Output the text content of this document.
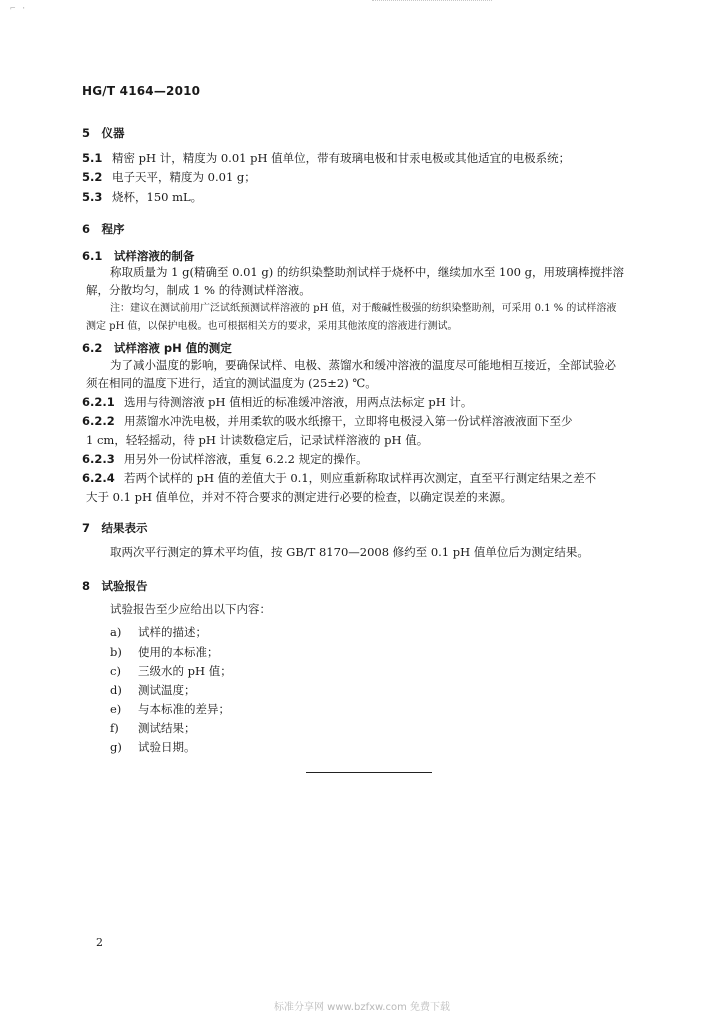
⌐ ·
HG/T 4164—2010
5　仪器
5.1 精密 pH 计，精度为 0.01 pH 值单位，带有玻璃电极和甘汞电极或其他适宜的电极系统；
5.2 电子天平，精度为 0.01 g；
5.3 烧杯，150 mL。
6　程序
6.1　试样溶液的制备
称取质量为 1 g(精确至 0.01 g) 的纺织染整助剂试样于烧杯中，继续加水至 100 g，用玻璃棒搅拌溶
解，分散均匀，制成 1 % 的待测试样溶液。
注：建议在测试前用广泛试纸预测试样溶液的 pH 值，对于酸碱性极强的纺织染整助剂，可采用 0.1 % 的试样溶液
测定 pH 值，以保护电极。也可根据相关方的要求，采用其他浓度的溶液进行测试。
6.2　试样溶液 pH 值的测定
为了减小温度的影响，要确保试样、电极、蒸馏水和缓冲溶液的温度尽可能地相互接近，全部试验必
须在相同的温度下进行，适宜的测试温度为 (25±2) ℃。
6.2.1 选用与待测溶液 pH 值相近的标准缓冲溶液，用两点法标定 pH 计。
6.2.2 用蒸馏水冲洗电极，并用柔软的吸水纸擦干，立即将电极浸入第一份试样溶液液面下至少
1 cm，轻轻摇动，待 pH 计读数稳定后，记录试样溶液的 pH 值。
6.2.3 用另外一份试样溶液，重复 6.2.2 规定的操作。
6.2.4 若两个试样的 pH 值的差值大于 0.1，则应重新称取试样再次测定，直至平行测定结果之差不
大于 0.1 pH 值单位，并对不符合要求的测定进行必要的检查，以确定误差的来源。
7　结果表示
取两次平行测定的算术平均值，按 GB/T 8170—2008 修约至 0.1 pH 值单位后为测定结果。
8　试验报告
试验报告至少应给出以下内容：
a) 试样的描述；
b) 使用的本标准；
c) 三级水的 pH 值；
d) 测试温度；
e) 与本标准的差异；
f) 测试结果；
g) 试验日期。
2
标准分享网 www.bzfxw.com 免费下载
